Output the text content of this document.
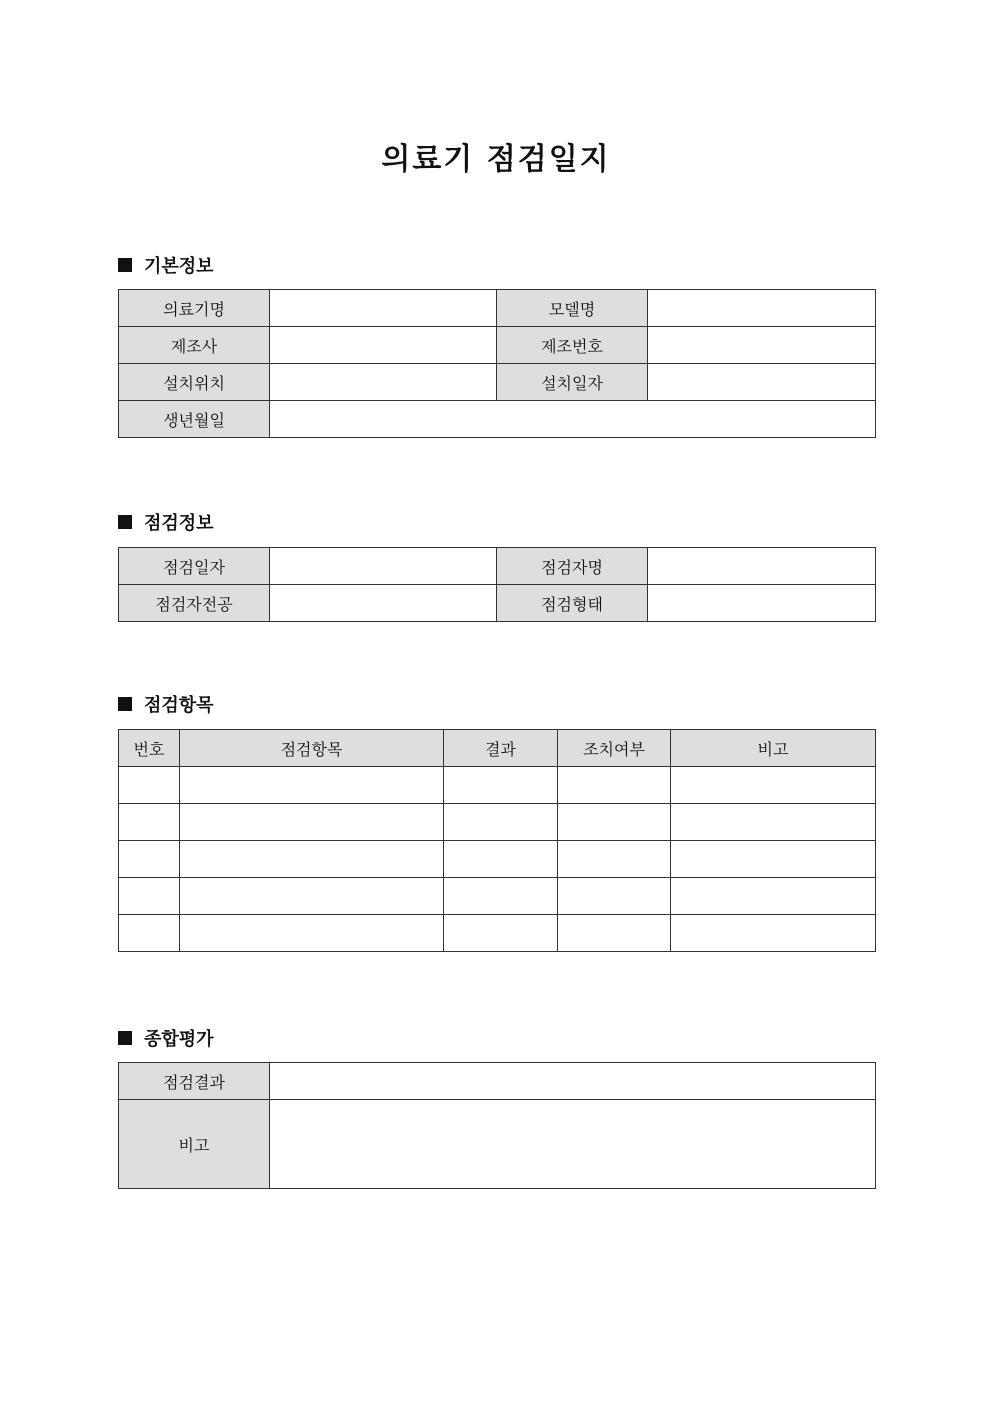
의료기 점검일지
기본정보
의료기명		모델명	
제조사		제조번호	
설치위치		설치일자	
생년월일			
점검정보
점검일자		점검자명	
점검자전공		점검형태	
점검항목
번호	점검항목	결과	조치여부	비고

종합평가
점검결과	
비고	
